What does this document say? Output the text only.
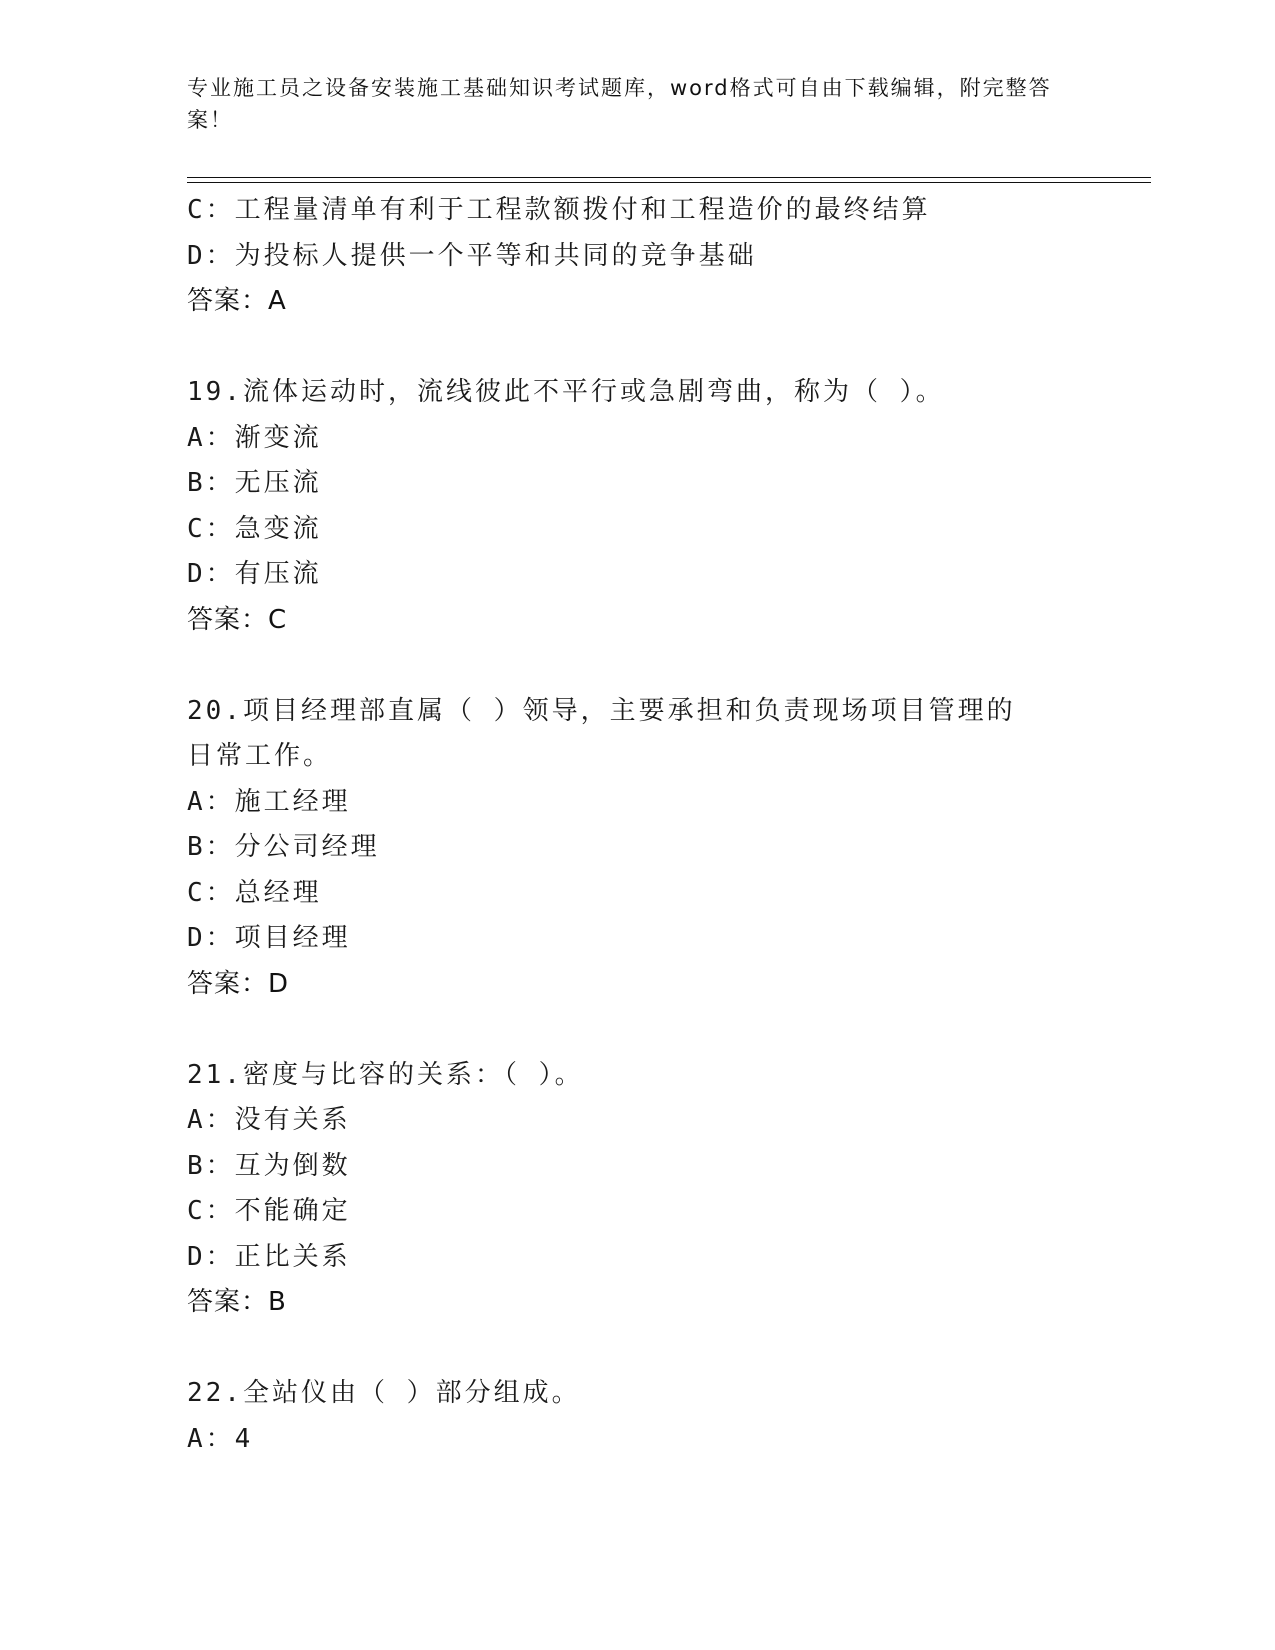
专业施工员之设备安装施工基础知识考试题库，word格式可自由下载编辑，附完整答案！
C：工程量清单有利于工程款额拨付和工程造价的最终结算
D：为投标人提供一个平等和共同的竞争基础
答案：A
19.流体运动时，流线彼此不平行或急剧弯曲，称为（ ）。
A：渐变流
B：无压流
C：急变流
D：有压流
答案：C
20.项目经理部直属（ ）领导，主要承担和负责现场项目管理的日常工作。
A：施工经理
B：分公司经理
C：总经理
D：项目经理
答案：D
21.密度与比容的关系：（ ）。
A：没有关系
B：互为倒数
C：不能确定
D：正比关系
答案：B
22.全站仪由（ ）部分组成。
A：4
